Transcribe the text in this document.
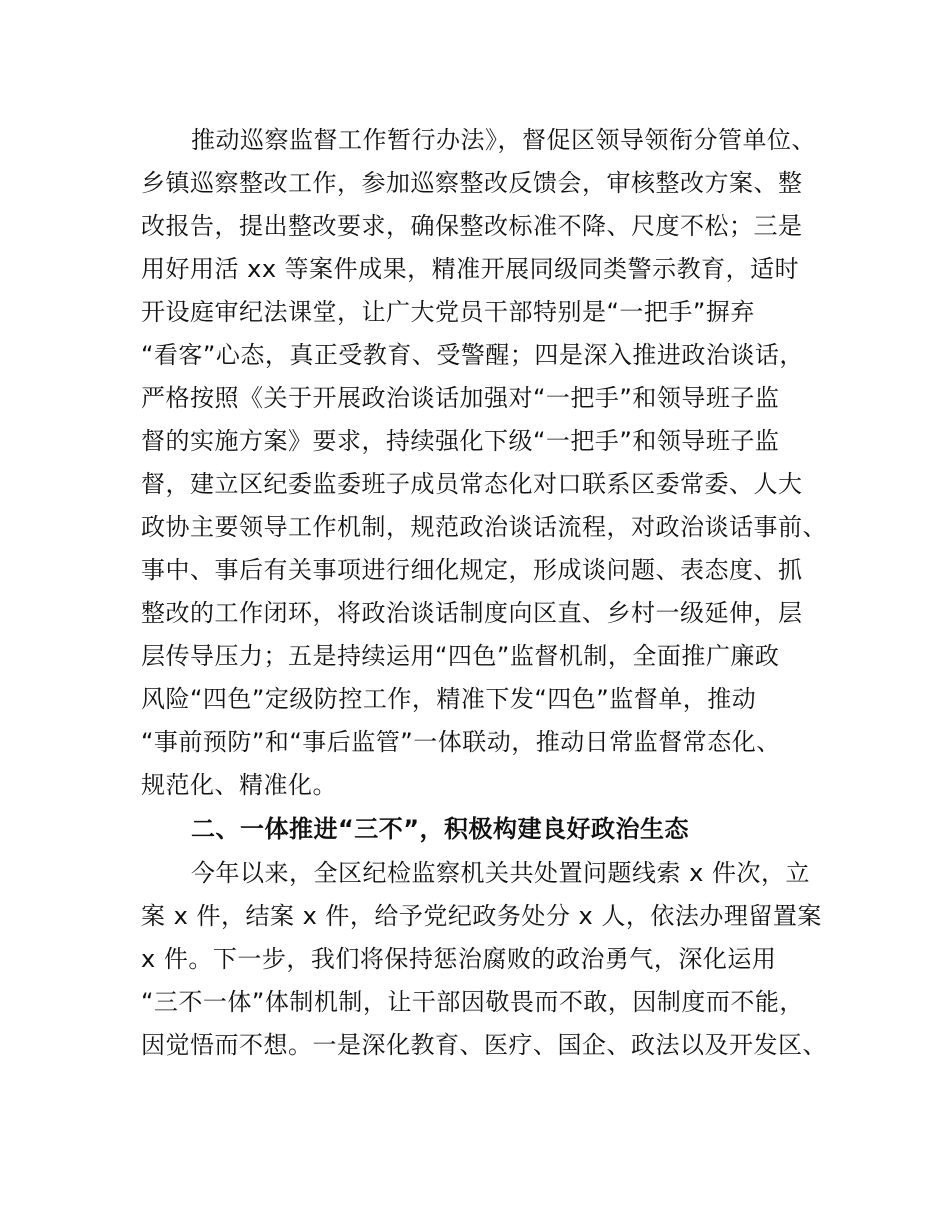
推动巡察监督工作暂行办法》，督促区领导领衔分管单位、
乡镇巡察整改工作，参加巡察整改反馈会，审核整改方案、整
改报告，提出整改要求，确保整改标准不降、尺度不松；三是
用好用活 xx 等案件成果，精准开展同级同类警示教育，适时
开设庭审纪法课堂，让广大党员干部特别是“一把手”摒弃
“看客”心态，真正受教育、受警醒；四是深入推进政治谈话，
严格按照《关于开展政治谈话加强对“一把手”和领导班子监
督的实施方案》要求，持续强化下级“一把手”和领导班子监
督，建立区纪委监委班子成员常态化对口联系区委常委、人大
政协主要领导工作机制，规范政治谈话流程，对政治谈话事前、
事中、事后有关事项进行细化规定，形成谈问题、表态度、抓
整改的工作闭环，将政治谈话制度向区直、乡村一级延伸，层
层传导压力；五是持续运用“四色”监督机制，全面推广廉政
风险“四色”定级防控工作，精准下发“四色”监督单，推动
“事前预防”和“事后监管”一体联动，推动日常监督常态化、
规范化、精准化。
二、一体推进“三不”，积极构建良好政治生态
今年以来，全区纪检监察机关共处置问题线索 x 件次，立
案 x 件，结案 x 件，给予党纪政务处分 x 人，依法办理留置案
x 件。下一步，我们将保持惩治腐败的政治勇气，深化运用
“三不一体”体制机制，让干部因敬畏而不敢，因制度而不能，
因觉悟而不想。一是深化教育、医疗、国企、政法以及开发区、
